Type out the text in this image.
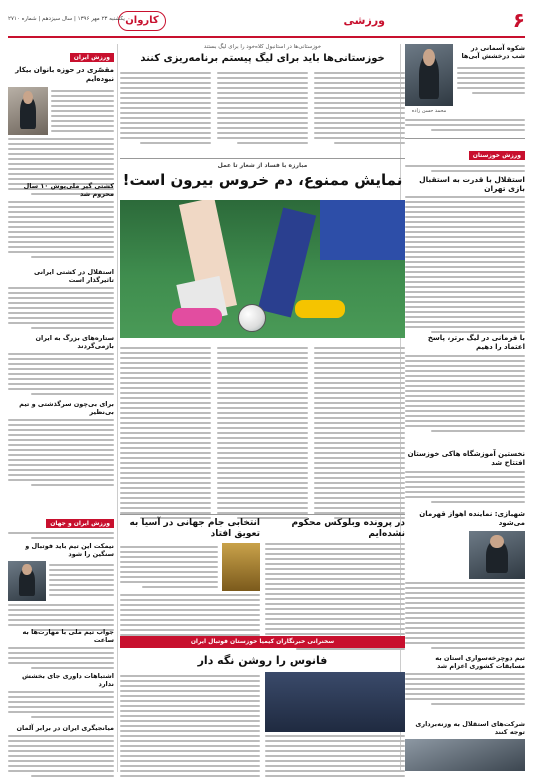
۶
ورزشی
کاروان
یکشنبه ۲۳ مهر ۱۳۹۶ | سال سیزدهم | شماره ۲۷۱۰
شکوه آسمانی در شب درخشش آبی‌ها
محمد حسن زاده
ورزش خوزستان
استقلال با قدرت به استقبال بازی تهران
با فرمانی در لیگ برتر، پاسخ اعتماد را دهیم
نخستین آموزشگاه هاکی خوزستان افتتاح شد
شهبازی: نماینده اهواز قهرمان می‌شود
تیم دوچرخه‌سواری استان به مسابقات کشوری اعزام شد
شرکت‌های استقلال به وزنه‌برداری توجه کنند
خوزستانی‌ها در استانبول کلاه‌خود را برای لیگ بستند
خوزستانی‌ها باید برای لیگ پیستم برنامه‌ریزی کنند
مبارزه با فساد از شعار تا عمل
نمایش ممنوع، دم خروس بیرون است!
در پرونده وبلوکس محکوم نشده‌ایم
انتخابی جام جهانی در آسیا به تعویق افتاد
سخنرانی خبرنگاران کیمیا خوزستان فوتبال ایران
فانوس را روشن نگه دار
ورزش ایران
مقصّری در حوزه بانوان بیکار نبوده‌ایم
کشتی گیر ملی‌پوش ۱۰ سال محروم شد
استقلال در کشتی ایرانی تاثیرگذار است
ستاره‌های بزرگ به ایران بازمی‌گردند
برای بی‌چون سرگذشتی و تیم بی‌نظیر
ورزش ایران و جهان
نیمکت این تیم باید فوتبال و سنگین را شود
جواب تیم ملی با مهارت‌ها به ساعت
اشتباهات داوری جای بخشش ندارد
میانجیگری ایران در برابر آلمان
